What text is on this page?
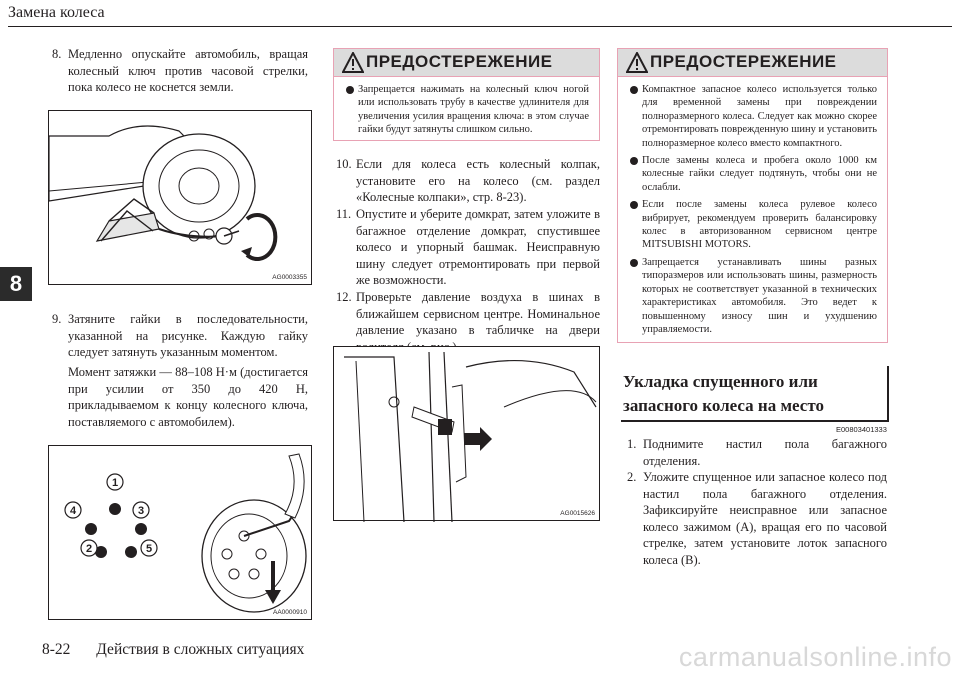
Замена колеса
8
8. Медленно опускайте автомобиль, вращая колесный ключ против часовой стрелки, пока колесо не коснется земли.
AG0003355
9. Затяните гайки в последовательности, указанной на рисунке. Каждую гайку следует затянуть указанным моментом.
Момент затяжки — 88–108 Н·м (достигается при усилии от 350 до 420 Н, прикладываемом к концу колесного ключа, поставляемого с автомобилем).
1
2
3
4
5
AA0000910
ПРЕДОСТЕРЕЖЕНИЕ
Запрещается нажимать на колесный ключ ногой или использовать трубу в качестве удлинителя для увеличения усилия вращения ключа: в этом случае гайки будут затянуты слишком сильно.
10. Если для колеса есть колесный колпак, установите его на колесо (см. раздел «Колесные колпаки», стр. 8-23).
11. Опустите и уберите домкрат, затем уложите в багажное отделение домкрат, спустившее колесо и упорный башмак. Неисправную шину следует отремонтировать при первой же возможности.
12. Проверьте давление воздуха в шинах в ближайшем сервисном центре. Номинальное давление указано в табличке на двери
AG0015626
ПРЕДОСТЕРЕЖЕНИЕ
Компактное запасное колесо используется только для временной замены при повреждении полноразмерного колеса. Следует как можно скорее отремонтировать поврежденную шину и установить полноразмерное колесо вместо компактного.
После замены колеса и пробега около 1000 км колесные гайки следует подтянуть, чтобы они не ослабли.
Если после замены колеса рулевое колесо вибрирует, рекомендуем проверить балансировку колес в авторизованном сервисном центре MITSUBISHI MOTORS.
Запрещается устанавливать шины разных типоразмеров или использовать шины, размерность которых не соответствует указанной в технических характеристиках автомобиля. Это ведет к повышенному износу шин и ухудшению управляемости.
Укладка спущенного или запасного колеса на место
E00803401333
1. Поднимите настил пола багажного отделения.
2. Уложите спущенное или запасное колесо под настил пола багажного отделения. Зафиксируйте неисправное или запасное колесо зажимом (A), вращая его по часовой стрелке, затем установите лоток запасного колеса (B).
8-22 Действия в сложных ситуациях	carmanualsonline.info
